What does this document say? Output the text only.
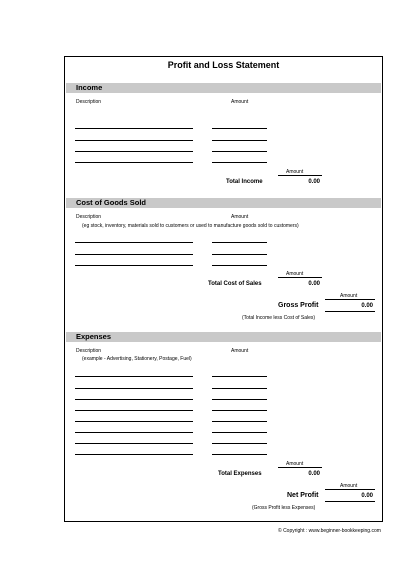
Profit and Loss Statement
Income
Description	Amount
Amount
Total Income	0.00
Cost of Goods Sold
Description	Amount
(eg stock, inventory, materials sold to customers or used to manufacture goods sold to customers)
Amount
Total Cost of Sales	0.00
Amount
Gross Profit	0.00
(Total Income less Cost of Sales)
Expenses
Description	Amount
(example - Advertising, Stationery, Postage, Fuel)
Amount
Total Expenses	0.00
Amount
Net Profit	0.00
(Gross Profit less Expenses)
© Copyright : www.beginner-bookkeeping.com
